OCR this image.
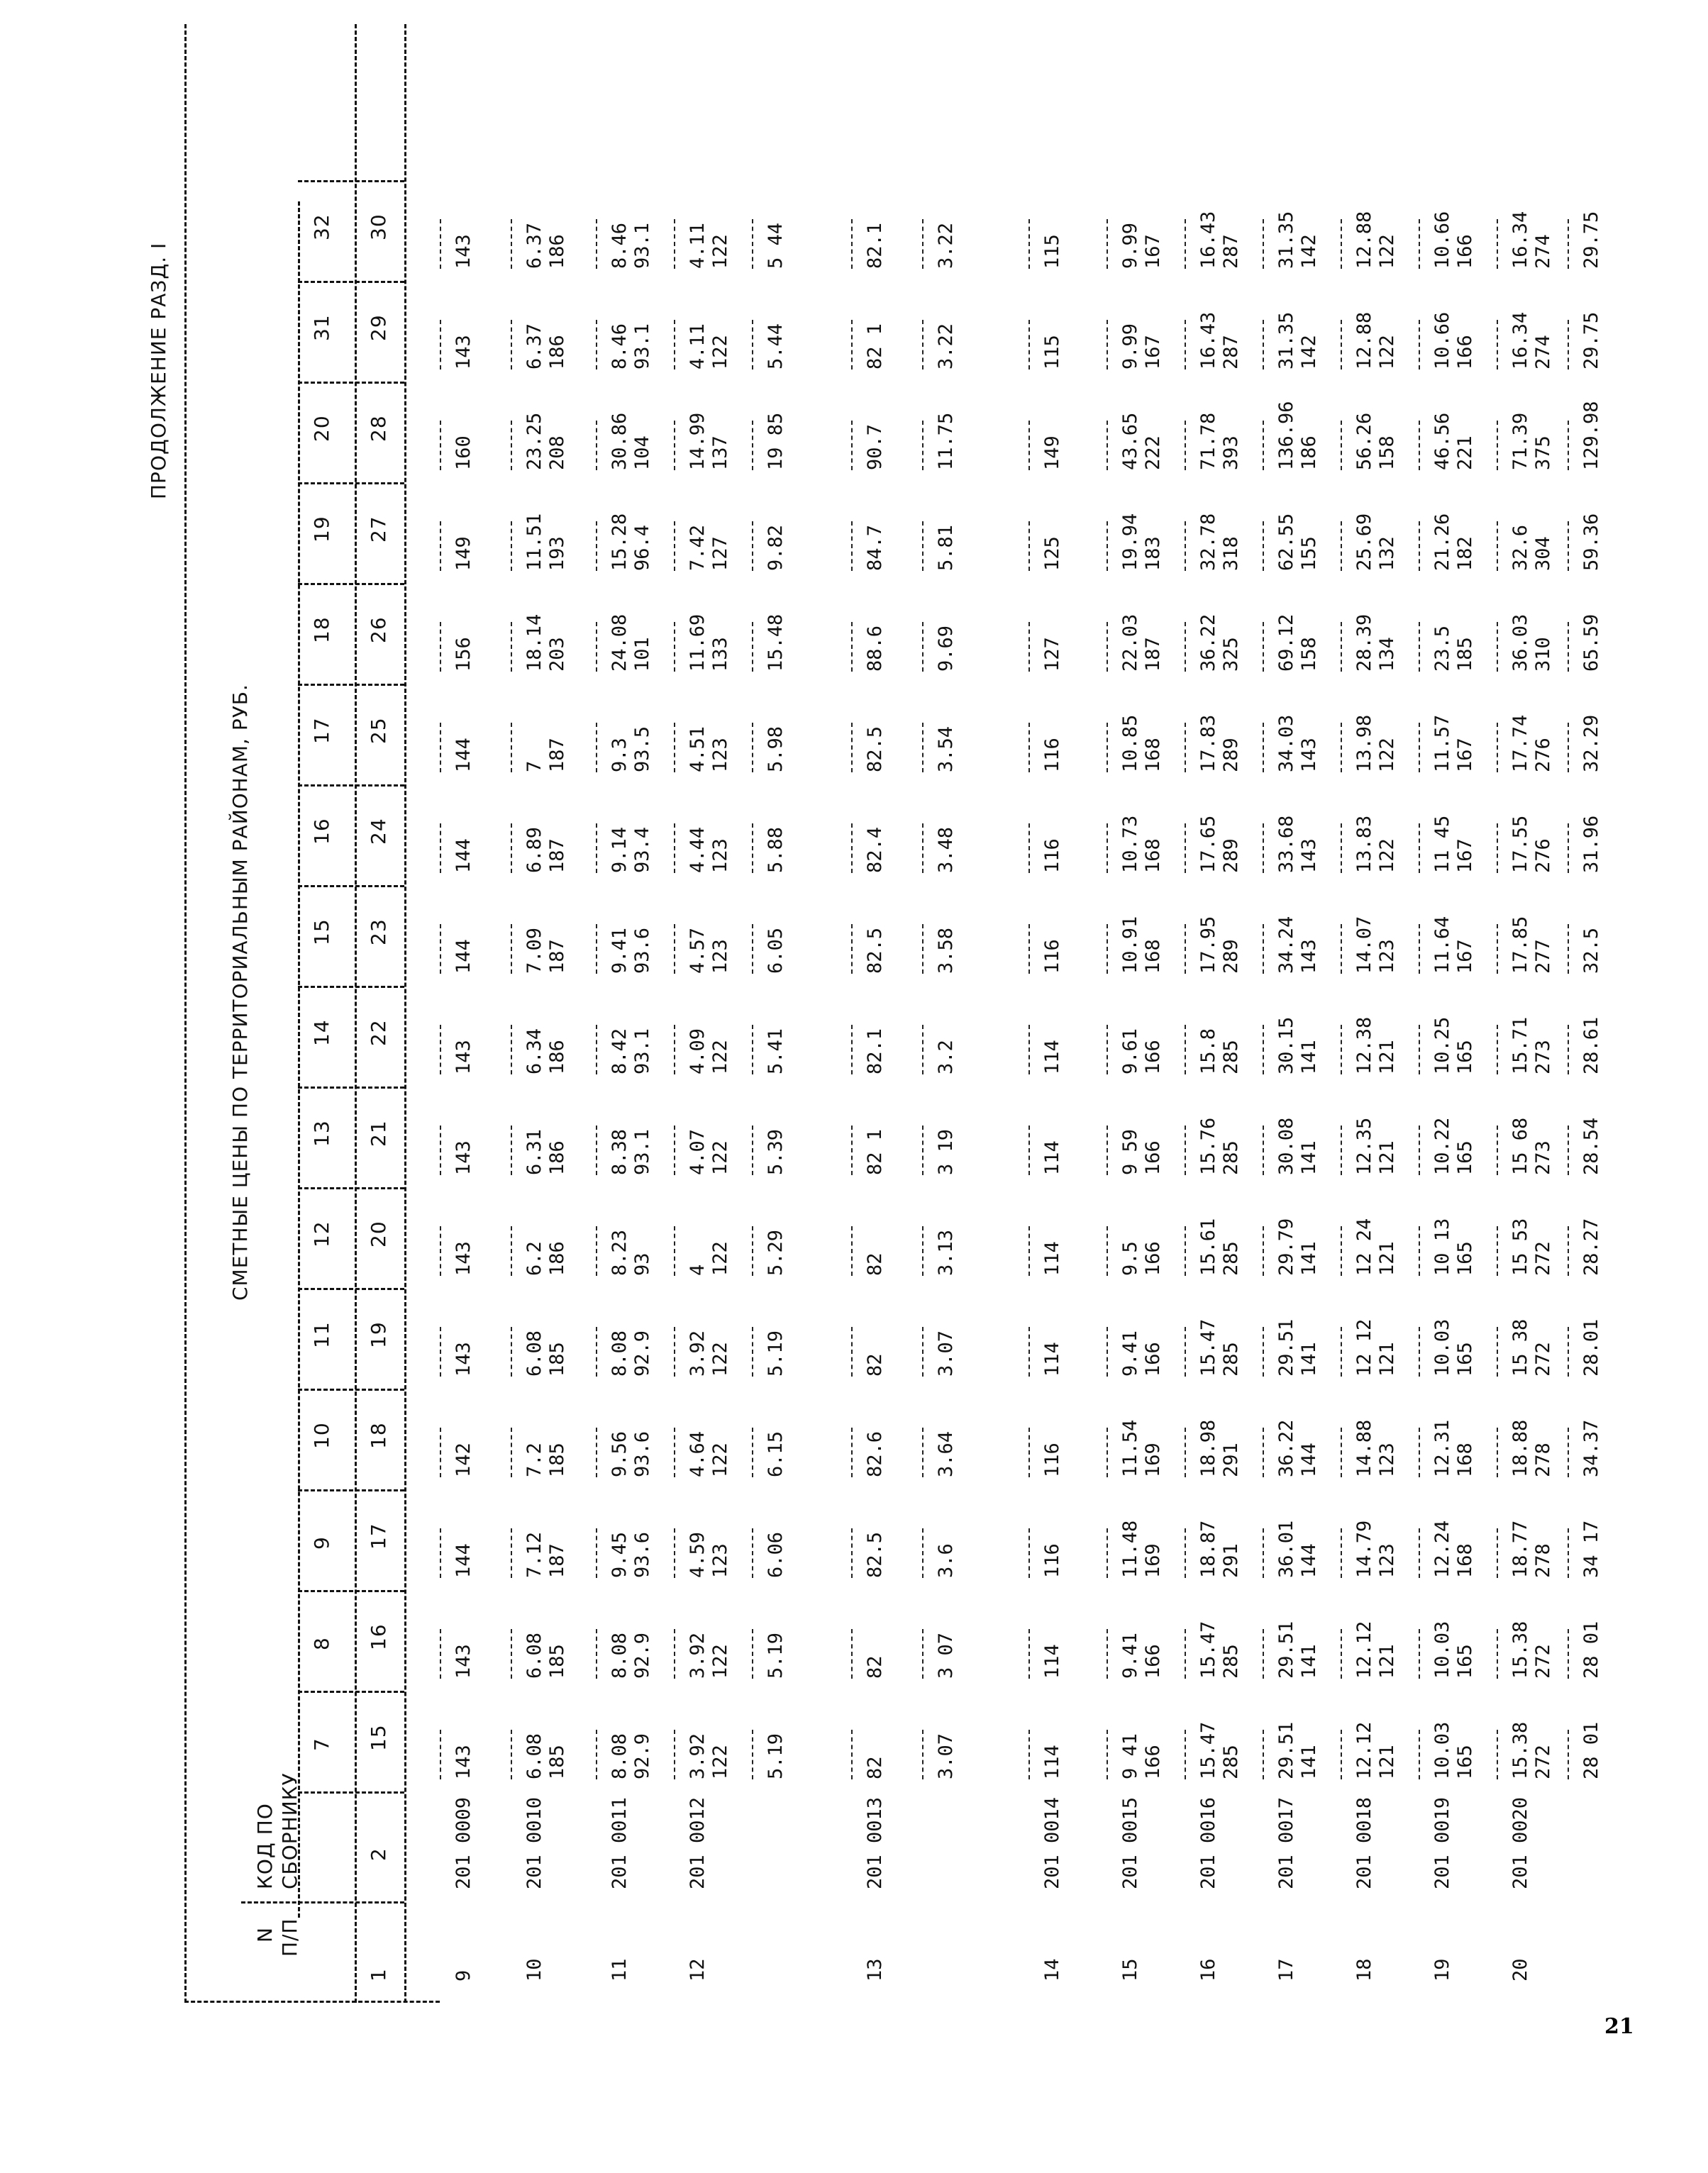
ПРОДОЛЖЕНИЕ РАЗД. I
СМЕТНЫЕ ЦЕНЫ ПО ТЕРРИТОРИАЛЬНЫМ РАЙОНАМ, РУБ.
N П/П
КОД ПО СБОРНИКУ
7
8
9
10
11
12
13
14
15
16
17
18
19
20
31
32
1
2
15
16
17
18
19
20
21
22
23
24
25
26
27
28
29
30
9
201 0009
143
143
144
142
143
143
143
143
144
144
144
156
149
160
143
143
10
201 0010
6.08 185
6.08 185
7.12 187
7.2 185
6.08 185
6.2 186
6.31 186
6.34 186
7.09 187
6.89 187
7 187
18.14 203
11.51 193
23.25 208
6.37 186
6.37 186
11
201 0011
8.08 92.9
8.08 92.9
9.45 93.6
9.56 93.6
8.08 92.9
8.23 93
8.38 93.1
8.42 93.1
9.41 93.6
9.14 93.4
9.3 93.5
24.08 101
15.28 96.4
30.86 104
8.46 93.1
8.46 93.1
12
201 0012
3.92 122
3.92 122
4.59 123
4.64 122
3.92 122
4 122
4.07 122
4.09 122
4.57 123
4.44 123
4.51 123
11.69 133
7.42 127
14.99 137
4.11 122
4.11 122
5.19
5.19
6.06
6.15
5.19
5.29
5.39
5.41
6.05
5.88
5.98
15.48
9.82
19 85
5.44
5 44
13
201 0013
82
82
82.5
82.6
82
82
82 1
82.1
82.5
82.4
82.5
88.6
84.7
90.7
82 1
82.1
3.07
3 07
3.6
3.64
3.07
3.13
3 19
3.2
3.58
3.48
3.54
9.69
5.81
11.75
3.22
3.22
14
201 0014
114
114
116
116
114
114
114
114
116
116
116
127
125
149
115
115
15
201 0015
9 41 166
9.41 166
11.48 169
11.54 169
9.41 166
9.5 166
9 59 166
9.61 166
10.91 168
10.73 168
10.85 168
22.03 187
19.94 183
43.65 222
9.99 167
9.99 167
16
201 0016
15.47 285
15.47 285
18.87 291
18.98 291
15.47 285
15.61 285
15.76 285
15.8 285
17.95 289
17.65 289
17.83 289
36.22 325
32.78 318
71.78 393
16.43 287
16.43 287
17
201 0017
29.51 141
29.51 141
36.01 144
36.22 144
29.51 141
29.79 141
30.08 141
30.15 141
34.24 143
33.68 143
34.03 143
69.12 158
62.55 155
136.96 186
31.35 142
31.35 142
18
201 0018
12.12 121
12.12 121
14.79 123
14.88 123
12 12 121
12 24 121
12.35 121
12.38 121
14.07 123
13.83 122
13.98 122
28.39 134
25.69 132
56.26 158
12.88 122
12.88 122
19
201 0019
10.03 165
10.03 165
12.24 168
12.31 168
10.03 165
10 13 165
10.22 165
10.25 165
11.64 167
11 45 167
11.57 167
23.5 185
21.26 182
46.56 221
10.66 166
10.66 166
20
201 0020
15.38 272
15.38 272
18.77 278
18.88 278
15 38 272
15 53 272
15 68 273
15.71 273
17.85 277
17.55 276
17.74 276
36.03 310
32.6 304
71.39 375
16.34 274
16.34 274
28 01
28 01
34 17
34.37
28.01
28.27
28.54
28.61
32.5
31.96
32.29
65.59
59.36
129.98
29.75
29.75
21
